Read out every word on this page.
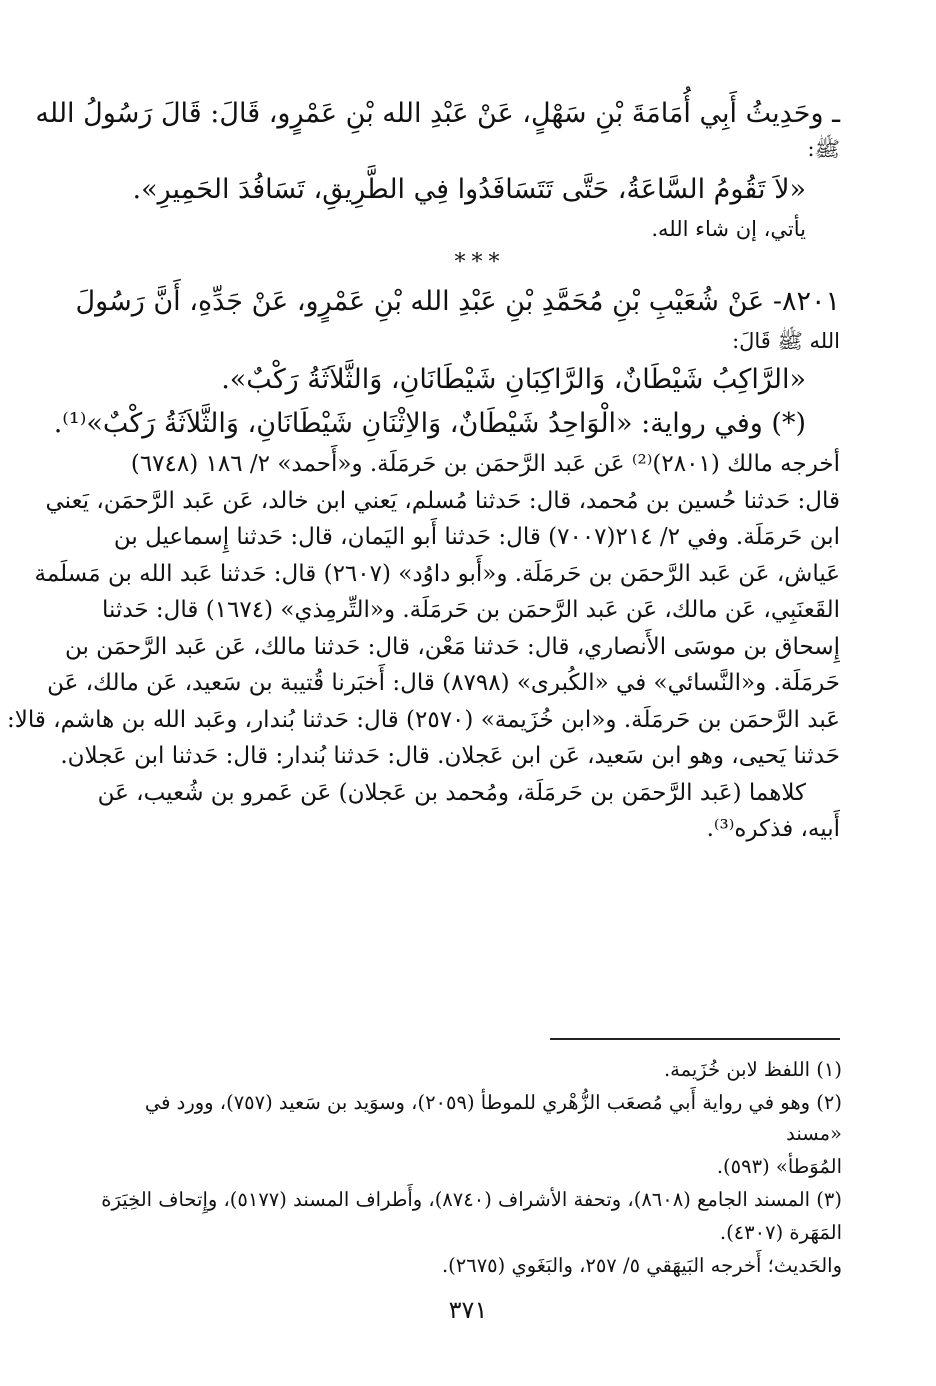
ـ وحَدِيثُ أَبِي أُمَامَةَ بْنِ سَهْلٍ، عَنْ عَبْدِ الله بْنِ عَمْرٍو، قَالَ: قَالَ رَسُولُ الله

ﷺ:

«لاَ تَقُومُ السَّاعَةُ، حَتَّى تَتَسَافَدُوا فِي الطَّرِيقِ، تَسَافُدَ الحَمِيرِ».

يأتي، إن شاء الله.

***

٨٢٠١- عَنْ شُعَيْبِ بْنِ مُحَمَّدِ بْنِ عَبْدِ الله بْنِ عَمْرٍو، عَنْ جَدِّهِ، أَنَّ رَسُولَ

الله ﷺ قَالَ:

«الرَّاكِبُ شَيْطَانٌ، وَالرَّاكِبَانِ شَيْطَانَانِ، وَالثَّلاَثَةُ رَكْبٌ».

(*) وفي رواية: «الْوَاحِدُ شَيْطَانٌ، وَالاِثْنَانِ شَيْطَانَانِ، وَالثَّلاَثَةُ رَكْبٌ»⁽¹⁾.

أخرجه مالك (٢٨٠١)⁽²⁾ عَن عَبد الرَّحمَن بن حَرمَلَة. و«أَحمد» ٢/ ١٨٦ (٦٧٤٨)

قال: حَدثنا حُسين بن مُحمد، قال: حَدثنا مُسلم، يَعني ابن خالد، عَن عَبد الرَّحمَن، يَعني

ابن حَرمَلَة. وفي ٢/ ٢١٤(٧٠٠٧) قال: حَدثنا أَبو اليَمان، قال: حَدثنا إِسماعيل بن

عَياش، عَن عَبد الرَّحمَن بن حَرمَلَة. و«أَبو داوُد» (٢٦٠٧) قال: حَدثنا عَبد الله بن مَسلَمة

القَعنَبِي، عَن مالك، عَن عَبد الرَّحمَن بن حَرمَلَة. و«التِّرمِذي» (١٦٧٤) قال: حَدثنا

إِسحاق بن موسَى الأَنصاري، قال: حَدثنا مَعْن، قال: حَدثنا مالك، عَن عَبد الرَّحمَن بن

حَرمَلَة. و«النَّسائي» في «الكُبرى» (٨٧٩٨) قال: أَخبَرنا قُتيبة بن سَعيد، عَن مالك، عَن

عَبد الرَّحمَن بن حَرمَلَة. و«ابن خُزَيمة» (٢٥٧٠) قال: حَدثنا بُندار، وعَبد الله بن هاشم، قالا:

حَدثنا يَحيى، وهو ابن سَعيد، عَن ابن عَجلان. قال: حَدثنا بُندار: قال: حَدثنا ابن عَجلان.

كلاهما (عَبد الرَّحمَن بن حَرمَلَة، ومُحمد بن عَجلان) عَن عَمرو بن شُعيب، عَن

أَبيه، فذكره⁽³⁾.

(١) اللفظ لابن خُزَيمة.

(٢) وهو في رواية أَبي مُصعَب الزُّهْري للموطأ (٢٠٥٩)، وسوَيد بن سَعيد (٧٥٧)، وورد في «مسند

المُوَطأ» (٥٩٣).

(٣) المسند الجامع (٨٦٠٨)، وتحفة الأشراف (٨٧٤٠)، وأَطراف المسند (٥١٧٧)، وإِتحاف الخِيَرَة

المَهَرة (٤٣٠٧).

والحَديث؛ أَخرجه البَيهَقي ٥/ ٢٥٧، والبَغَوي (٢٦٧٥).

٣٧١
